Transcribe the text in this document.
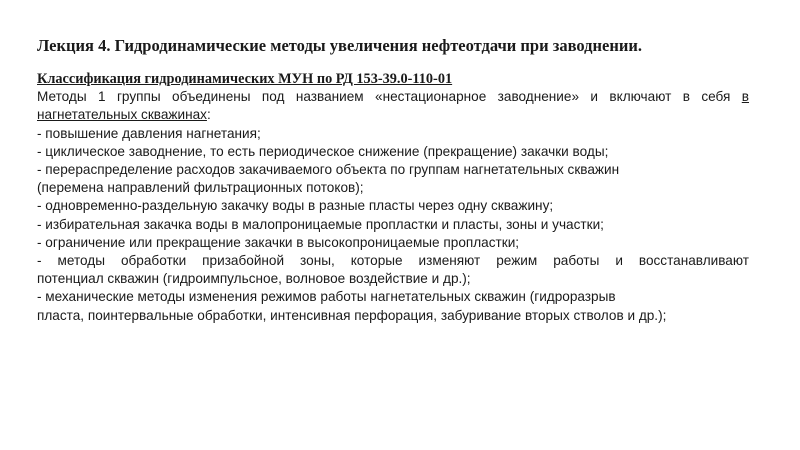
Лекция 4. Гидродинамические методы увеличения нефтеотдачи при заводнении.
Классификация гидродинамических МУН по РД 153-39.0-110-01
Методы 1 группы объединены под названием «нестационарное заводнение» и включают в себя в
нагнетательных скважинах:
- повышение давления нагнетания;
- циклическое заводнение, то есть периодическое снижение (прекращение) закачки воды;
- перераспределение расходов закачиваемого объекта по группам нагнетательных скважин
(перемена направлений фильтрационных потоков);
- одновременно-раздельную закачку воды в разные пласты через одну скважину;
- избирательная закачка воды в малопроницаемые пропластки и пласты, зоны и участки;
- ограничение или прекращение закачки в высокопроницаемые пропластки;
- методы обработки призабойной зоны, которые изменяют режим работы и восстанавливают
потенциал скважин (гидроимпульсное, волновое воздействие и др.);
- механические методы изменения режимов работы нагнетательных скважин (гидроразрыв
пласта, поинтервальные обработки, интенсивная перфорация, забуривание вторых стволов и др.);
